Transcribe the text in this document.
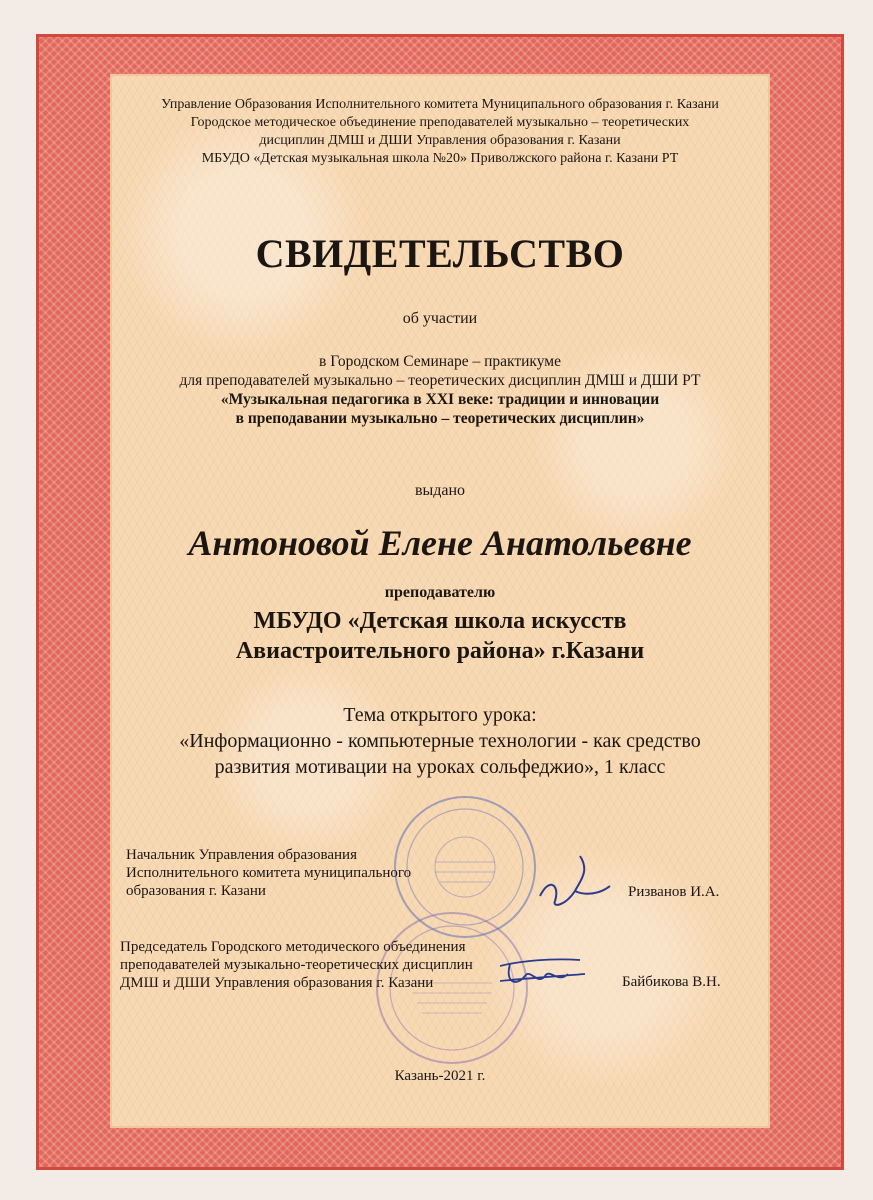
Управление Образования Исполнительного комитета Муниципального образования г. Казани
Городское методическое объединение преподавателей музыкально – теоретических
дисциплин ДМШ и ДШИ Управления образования г. Казани
МБУДО «Детская музыкальная школа №20» Приволжского района г. Казани РТ
СВИДЕТЕЛЬСТВО
об участии
в Городском Семинаре – практикуме
для преподавателей музыкально – теоретических дисциплин ДМШ и ДШИ РТ
«Музыкальная педагогика в XXI веке: традиции и инновации
в преподавании музыкально – теоретических дисциплин»
выдано
Антоновой Елене Анатольевне
преподавателю
МБУДО «Детская школа искусств
Авиастроительного района» г.Казани
Тема открытого урока:
«Информационно - компьютерные технологии - как средство
развития мотивации на уроках сольфеджио», 1 класс
Начальник Управления образования
Исполнительного комитета муниципального
образования г. Казани	Ризванов И.А.
Председатель Городского методического объединения
преподавателей музыкально-теоретических дисциплин
ДМШ и ДШИ Управления образования г. Казани	Байбикова В.Н.
Казань-2021 г.
